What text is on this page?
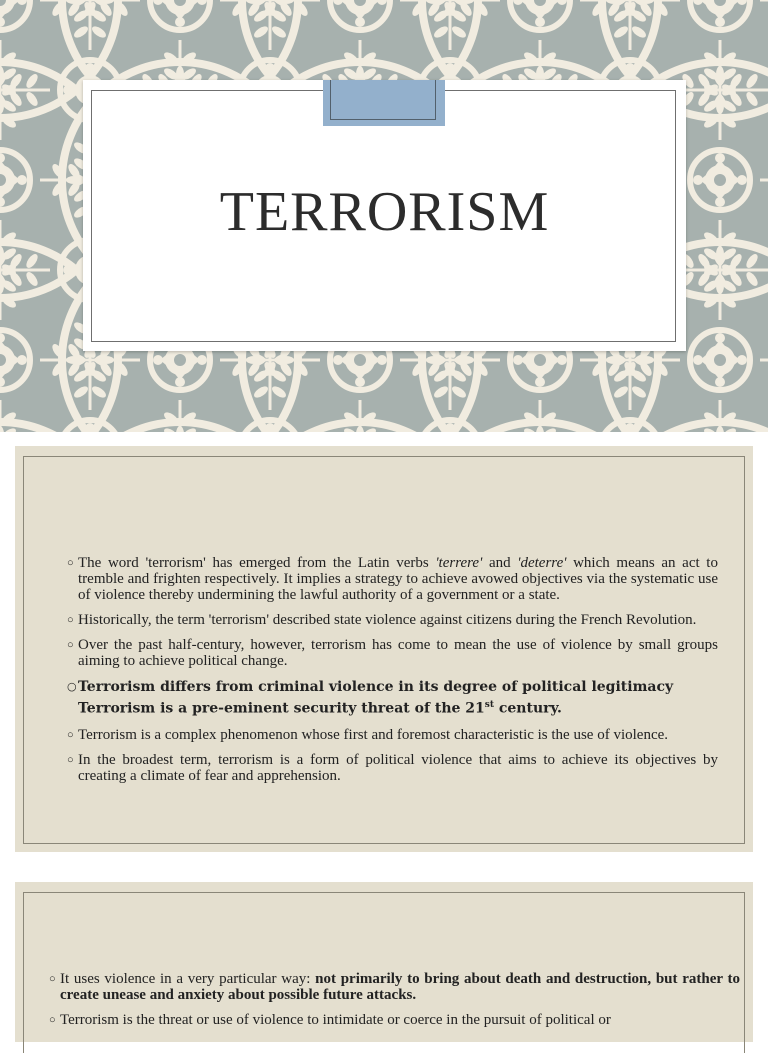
TERRORISM
○ The word 'terrorism' has emerged from the Latin verbs 'terrere' and 'deterre' which means an act to tremble and frighten respectively. It implies a strategy to achieve avowed objectives via the systematic use of violence thereby undermining the lawful authority of a government or a state.
○ Historically, the term 'terrorism' described state violence against citizens during the French Revolution.
○ Over the past half-century, however, terrorism has come to mean the use of violence by small groups aiming to achieve political change.
○ Terrorism differs from criminal violence in its degree of political legitimacy
Terrorism is a pre-eminent security threat of the 21st century.
○ Terrorism is a complex phenomenon whose first and foremost characteristic is the use of violence.
○ In the broadest term, terrorism is a form of political violence that aims to achieve its objectives by creating a climate of fear and apprehension.
○ It uses violence in a very particular way: not primarily to bring about death and destruction, but rather to create unease and anxiety about possible future attacks.
○ Terrorism is the threat or use of violence to intimidate or coerce in the pursuit of political or
